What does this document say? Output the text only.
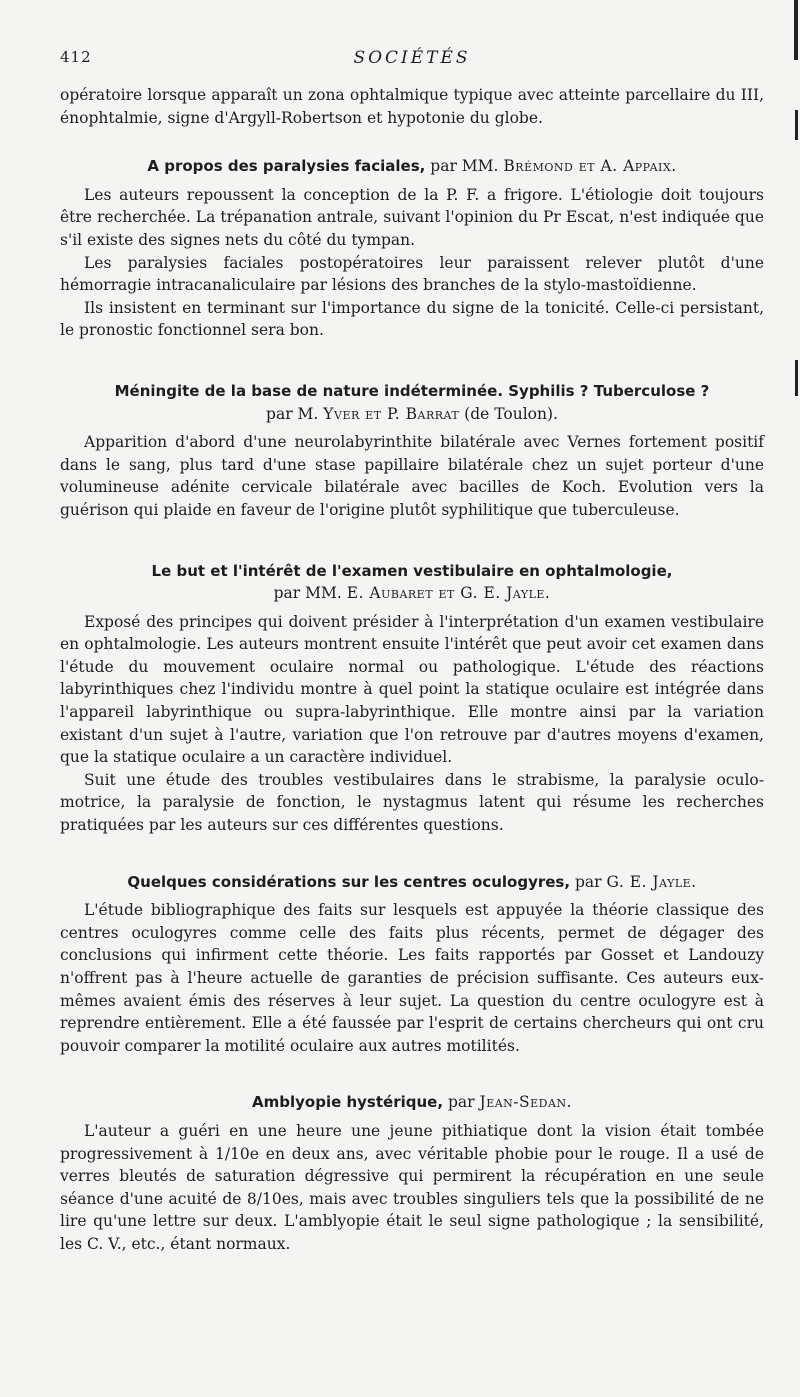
412	SOCIÉTÉS

opératoire lorsque apparaît un zona ophtalmique typique avec atteinte parcellaire du III, énophtalmie, signe d'Argyll-Robertson et hypotonie du globe.

A propos des paralysies faciales, par MM. Brémond et A. Appaix.

Les auteurs repoussent la conception de la P. F. a frigore. L'étiologie doit toujours être recherchée. La trépanation antrale, suivant l'opinion du Pr Escat, n'est indiquée que s'il existe des signes nets du côté du tympan.

Les paralysies faciales postopératoires leur paraissent relever plutôt d'une hémorragie intracanaliculaire par lésions des branches de la stylo-mastoïdienne.

Ils insistent en terminant sur l'importance du signe de la tonicité. Celle-ci persistant, le pronostic fonctionnel sera bon.

Méningite de la base de nature indéterminée. Syphilis ? Tuberculose ?
par M. Yver et P. Barrat (de Toulon).

Apparition d'abord d'une neurolabyrinthite bilatérale avec Vernes fortement positif dans le sang, plus tard d'une stase papillaire bilatérale chez un sujet porteur d'une volumineuse adénite cervicale bilatérale avec bacilles de Koch. Evolution vers la guérison qui plaide en faveur de l'origine plutôt syphilitique que tuberculeuse.

Le but et l'intérêt de l'examen vestibulaire en ophtalmologie,
par MM. E. Aubaret et G. E. Jayle.

Exposé des principes qui doivent présider à l'interprétation d'un examen vestibulaire en ophtalmologie. Les auteurs montrent ensuite l'intérêt que peut avoir cet examen dans l'étude du mouvement oculaire normal ou pathologique. L'étude des réactions labyrinthiques chez l'individu montre à quel point la statique oculaire est intégrée dans l'appareil labyrinthique ou supra-labyrinthique. Elle montre ainsi par la variation existant d'un sujet à l'autre, variation que l'on retrouve par d'autres moyens d'examen, que la statique oculaire a un caractère individuel.

Suit une étude des troubles vestibulaires dans le strabisme, la paralysie oculo-motrice, la paralysie de fonction, le nystagmus latent qui résume les recherches pratiquées par les auteurs sur ces différentes questions.

Quelques considérations sur les centres oculogyres, par G. E. Jayle.

L'étude bibliographique des faits sur lesquels est appuyée la théorie classique des centres oculogyres comme celle des faits plus récents, permet de dégager des conclusions qui infirment cette théorie. Les faits rapportés par Gosset et Landouzy n'offrent pas à l'heure actuelle de garanties de précision suffisante. Ces auteurs eux-mêmes avaient émis des réserves à leur sujet. La question du centre oculogyre est à reprendre entièrement. Elle a été faussée par l'esprit de certains chercheurs qui ont cru pouvoir comparer la motilité oculaire aux autres motilités.

Amblyopie hystérique, par Jean-Sedan.

L'auteur a guéri en une heure une jeune pithiatique dont la vision était tombée progressivement à 1/10e en deux ans, avec véritable phobie pour le rouge. Il a usé de verres bleutés de saturation dégressive qui permirent la récupération en une seule séance d'une acuité de 8/10es, mais avec troubles singuliers tels que la possibilité de ne lire qu'une lettre sur deux. L'amblyopie était le seul signe pathologique ; la sensibilité, les C. V., etc., étant normaux.
